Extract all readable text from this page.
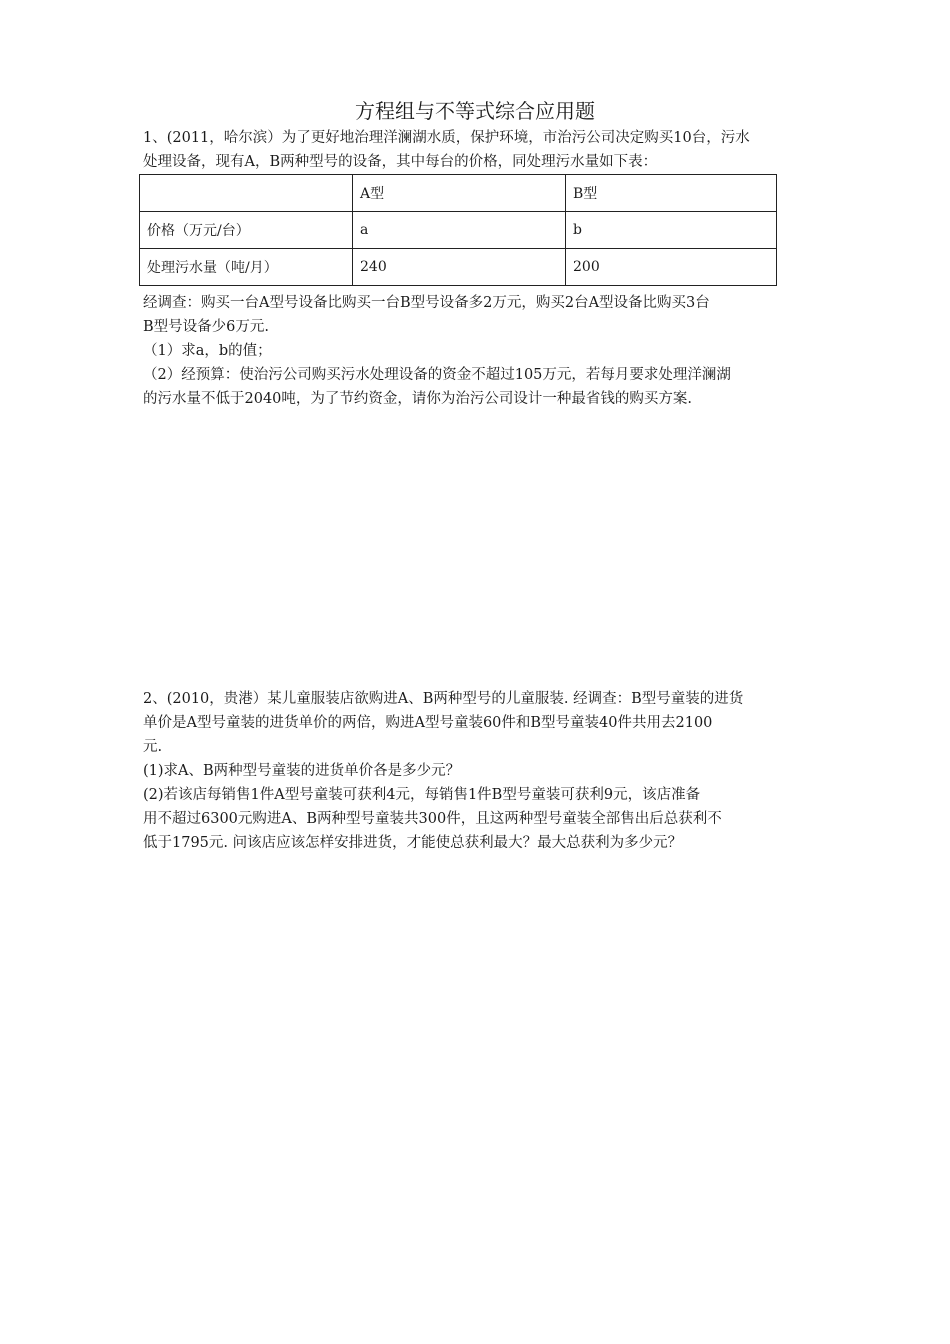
方程组与不等式综合应用题

1、(2011，哈尔滨）为了更好地治理洋澜湖水质，保护环境，市治污公司决定购买10台，污水

处理设备，现有A，B两种型号的设备，其中每台的价格，同处理污水量如下表：

	A型	B型
价格（万元/台）	a	b
处理污水量（吨/月）	240	200

经调查：购买一台A型号设备比购买一台B型号设备多2万元，购买2台A型设备比购买3台

B型号设备少6万元.

（1）求a，b的值；

（2）经预算：使治污公司购买污水处理设备的资金不超过105万元，若每月要求处理洋澜湖

的污水量不低于2040吨，为了节约资金，请你为治污公司设计一种最省钱的购买方案.

2、(2010，贵港）某儿童服装店欲购进A、B两种型号的儿童服装. 经调查：B型号童装的进货

单价是A型号童装的进货单价的两倍，购进A型号童装60件和B型号童装40件共用去2100

元.

(1)求A、B两种型号童装的进货单价各是多少元？

(2)若该店每销售1件A型号童装可获利4元，每销售1件B型号童装可获利9元，该店准备

用不超过6300元购进A、B两种型号童装共300件，且这两种型号童装全部售出后总获利不

低于1795元. 问该店应该怎样安排进货，才能使总获利最大？最大总获利为多少元？
